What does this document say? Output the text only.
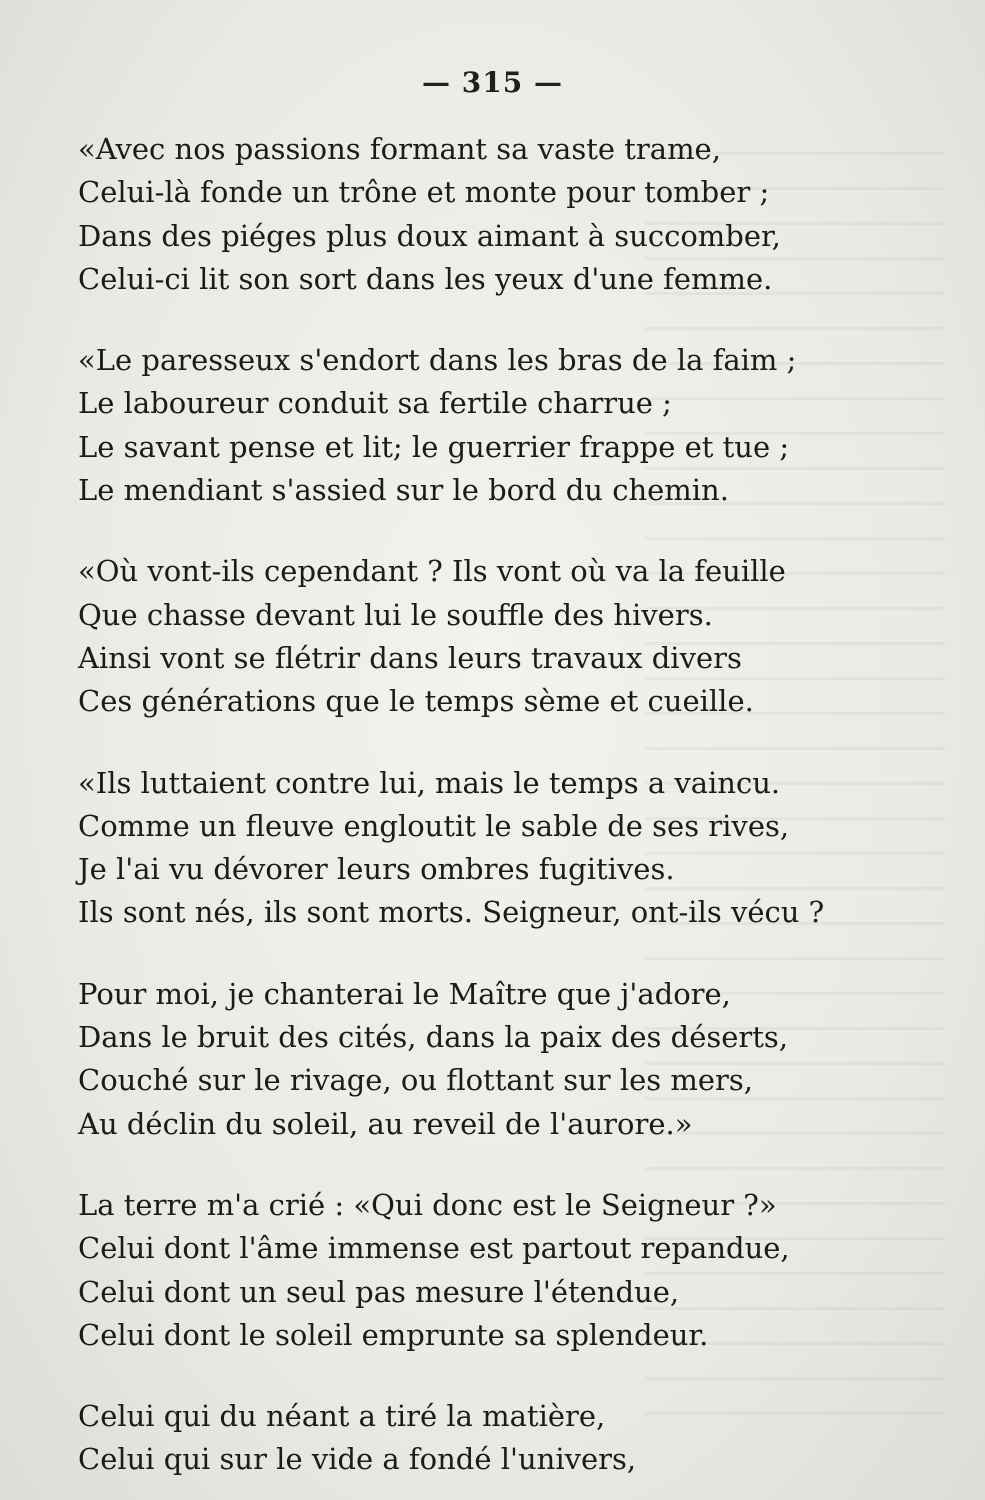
— 315 —
«Avec nos passions formant sa vaste trame,
Celui-là fonde un trône et monte pour tomber ;
Dans des piéges plus doux aimant à succomber,
Celui-ci lit son sort dans les yeux d'une femme.
«Le paresseux s'endort dans les bras de la faim ;
Le laboureur conduit sa fertile charrue ;
Le savant pense et lit; le guerrier frappe et tue ;
Le mendiant s'assied sur le bord du chemin.
«Où vont-ils cependant ? Ils vont où va la feuille
Que chasse devant lui le souffle des hivers.
Ainsi vont se flétrir dans leurs travaux divers
Ces générations que le temps sème et cueille.
«Ils luttaient contre lui, mais le temps a vaincu.
Comme un fleuve engloutit le sable de ses rives,
Je l'ai vu dévorer leurs ombres fugitives.
Ils sont nés, ils sont morts. Seigneur, ont-ils vécu ?
Pour moi, je chanterai le Maître que j'adore,
Dans le bruit des cités, dans la paix des déserts,
Couché sur le rivage, ou flottant sur les mers,
Au déclin du soleil, au reveil de l'aurore.»
La terre m'a crié : «Qui donc est le Seigneur ?»
Celui dont l'âme immense est partout repandue,
Celui dont un seul pas mesure l'étendue,
Celui dont le soleil emprunte sa splendeur.
Celui qui du néant a tiré la matière,
Celui qui sur le vide a fondé l'univers,
